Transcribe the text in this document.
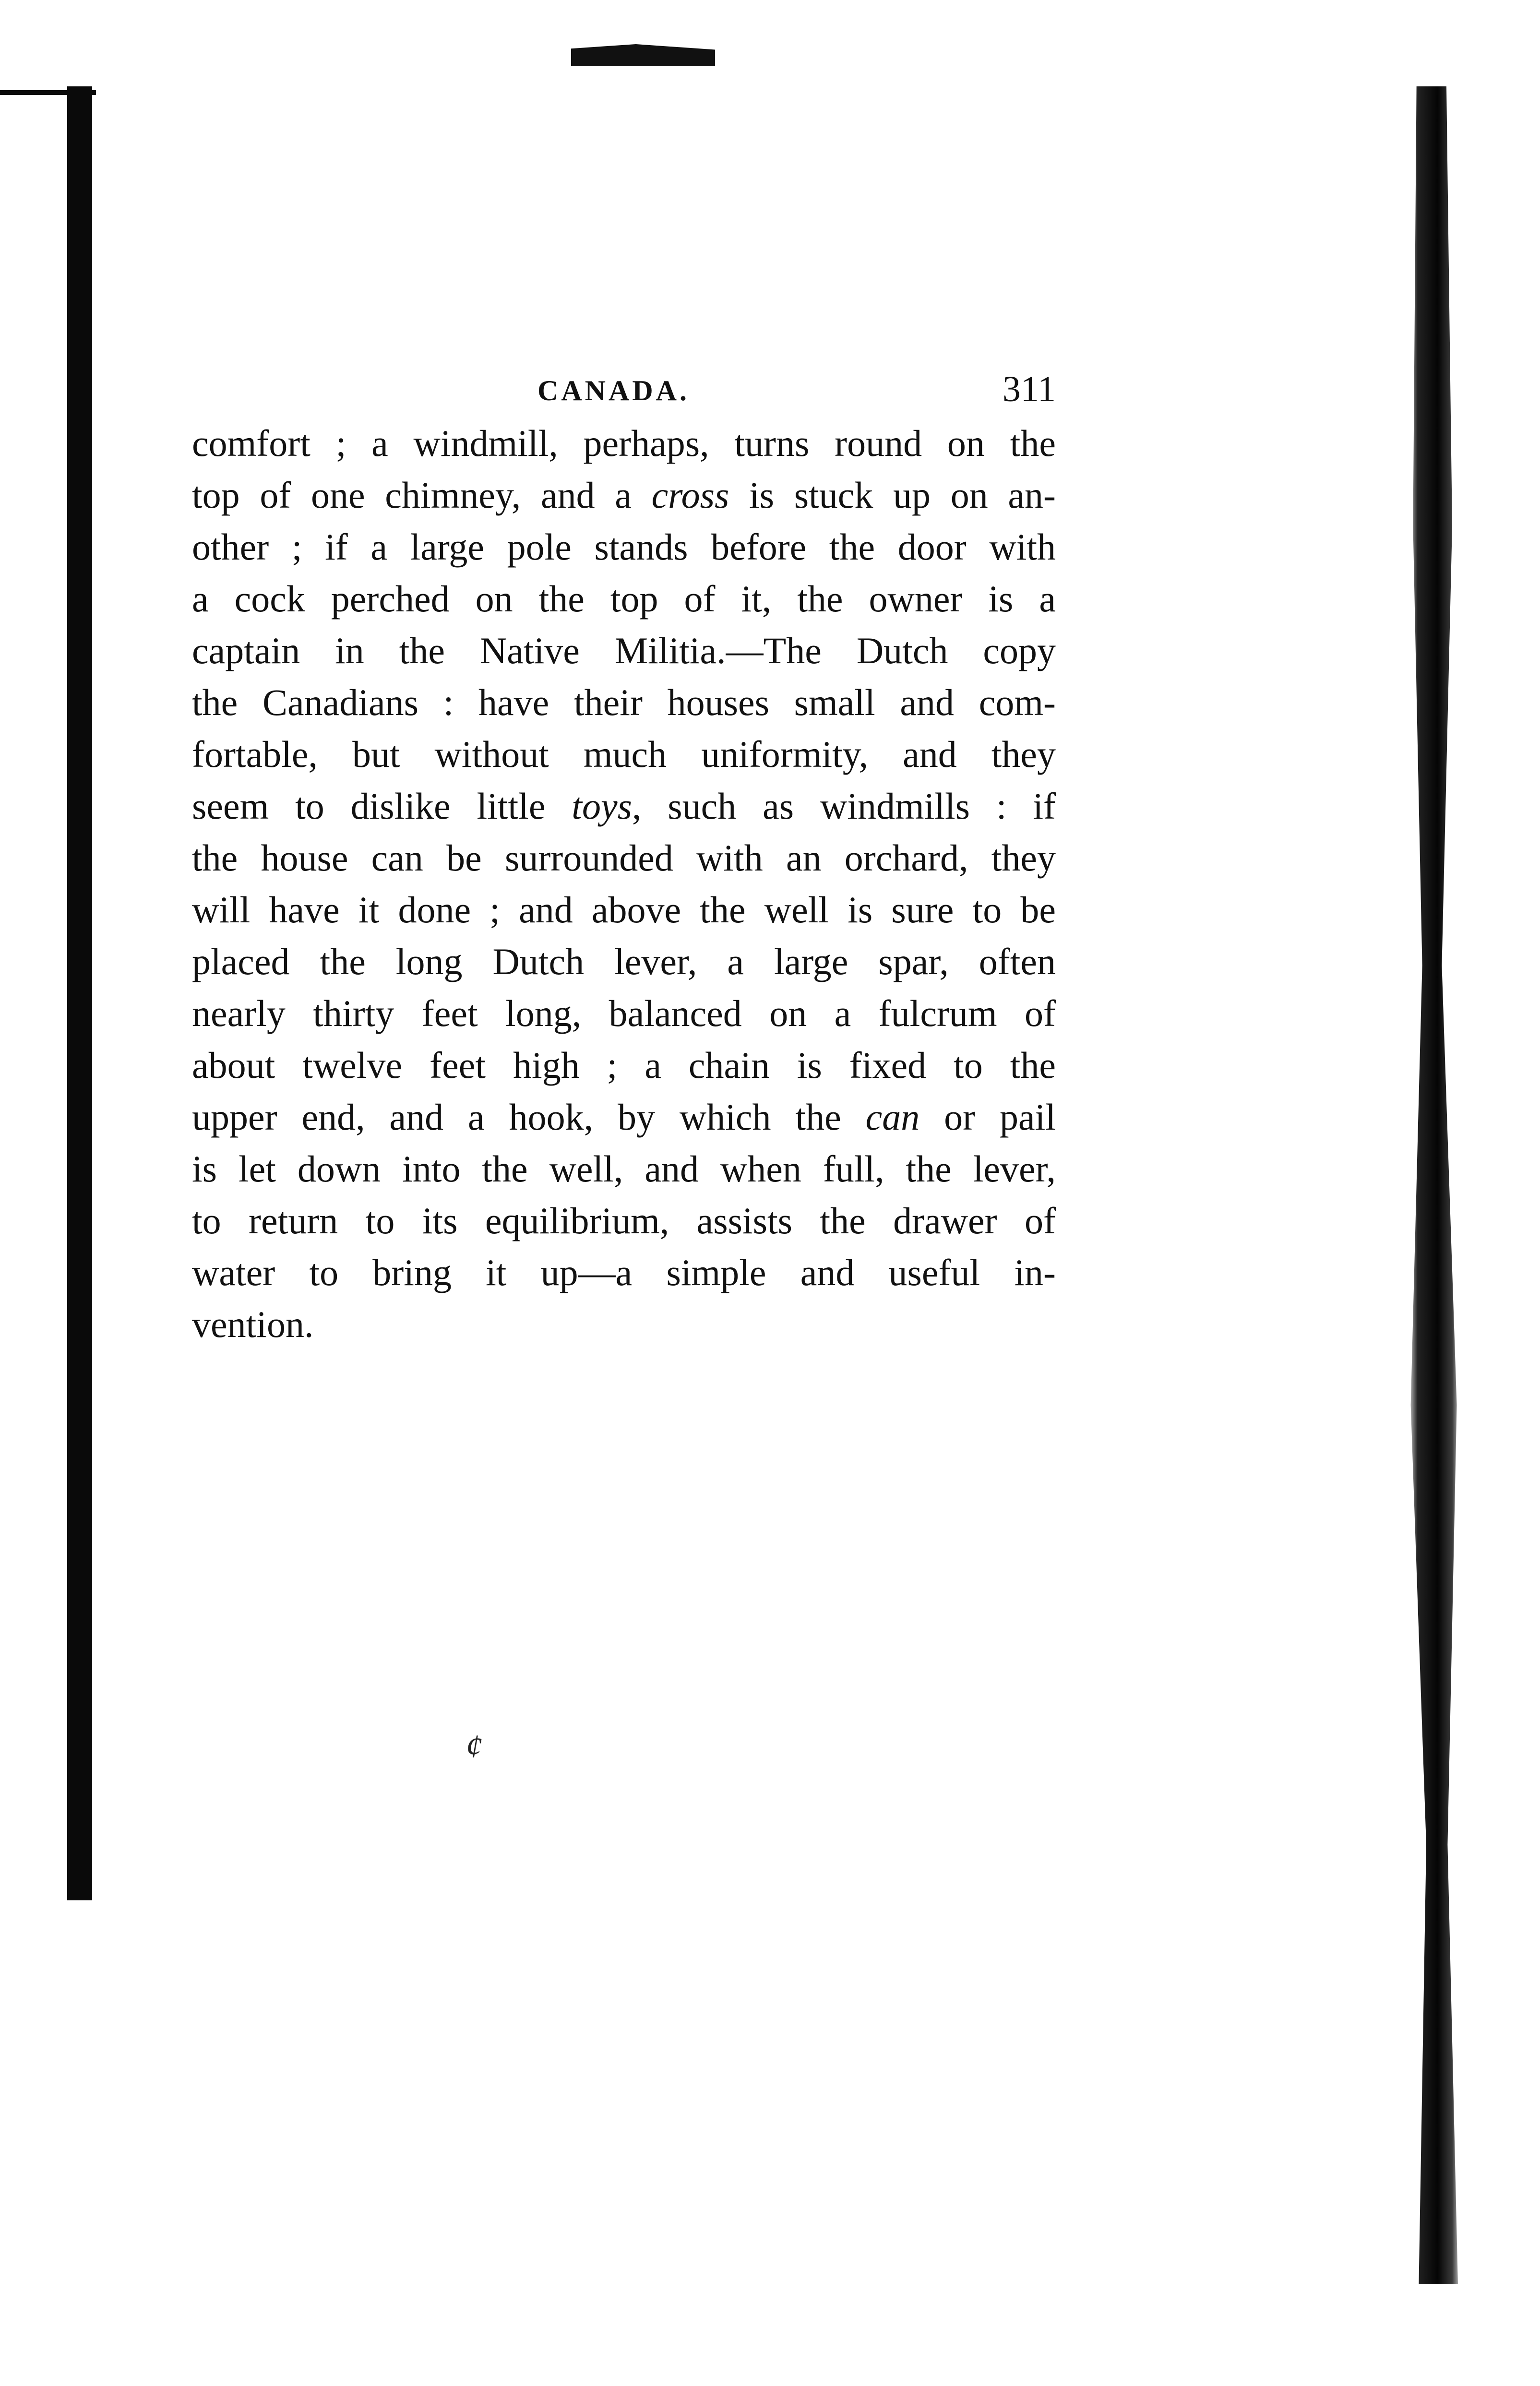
CANADA.	311
comfort ; a windmill, perhaps, turns round on the
top of one chimney, and a cross is stuck up on an-
other ; if a large pole stands before the door with
a cock perched on the top of it, the owner is a
captain in the Native Militia.—The Dutch copy
the Canadians : have their houses small and com-
fortable, but without much uniformity, and they
seem to dislike little toys, such as windmills : if
the house can be surrounded with an orchard, they
will have it done ; and above the well is sure to be
placed the long Dutch lever, a large spar, often
nearly thirty feet long, balanced on a fulcrum of
about twelve feet high ; a chain is fixed to the
upper end, and a hook, by which the can or pail
is let down into the well, and when full, the lever,
to return to its equilibrium, assists the drawer of
water to bring it up—a simple and useful in-
vention.
¢
